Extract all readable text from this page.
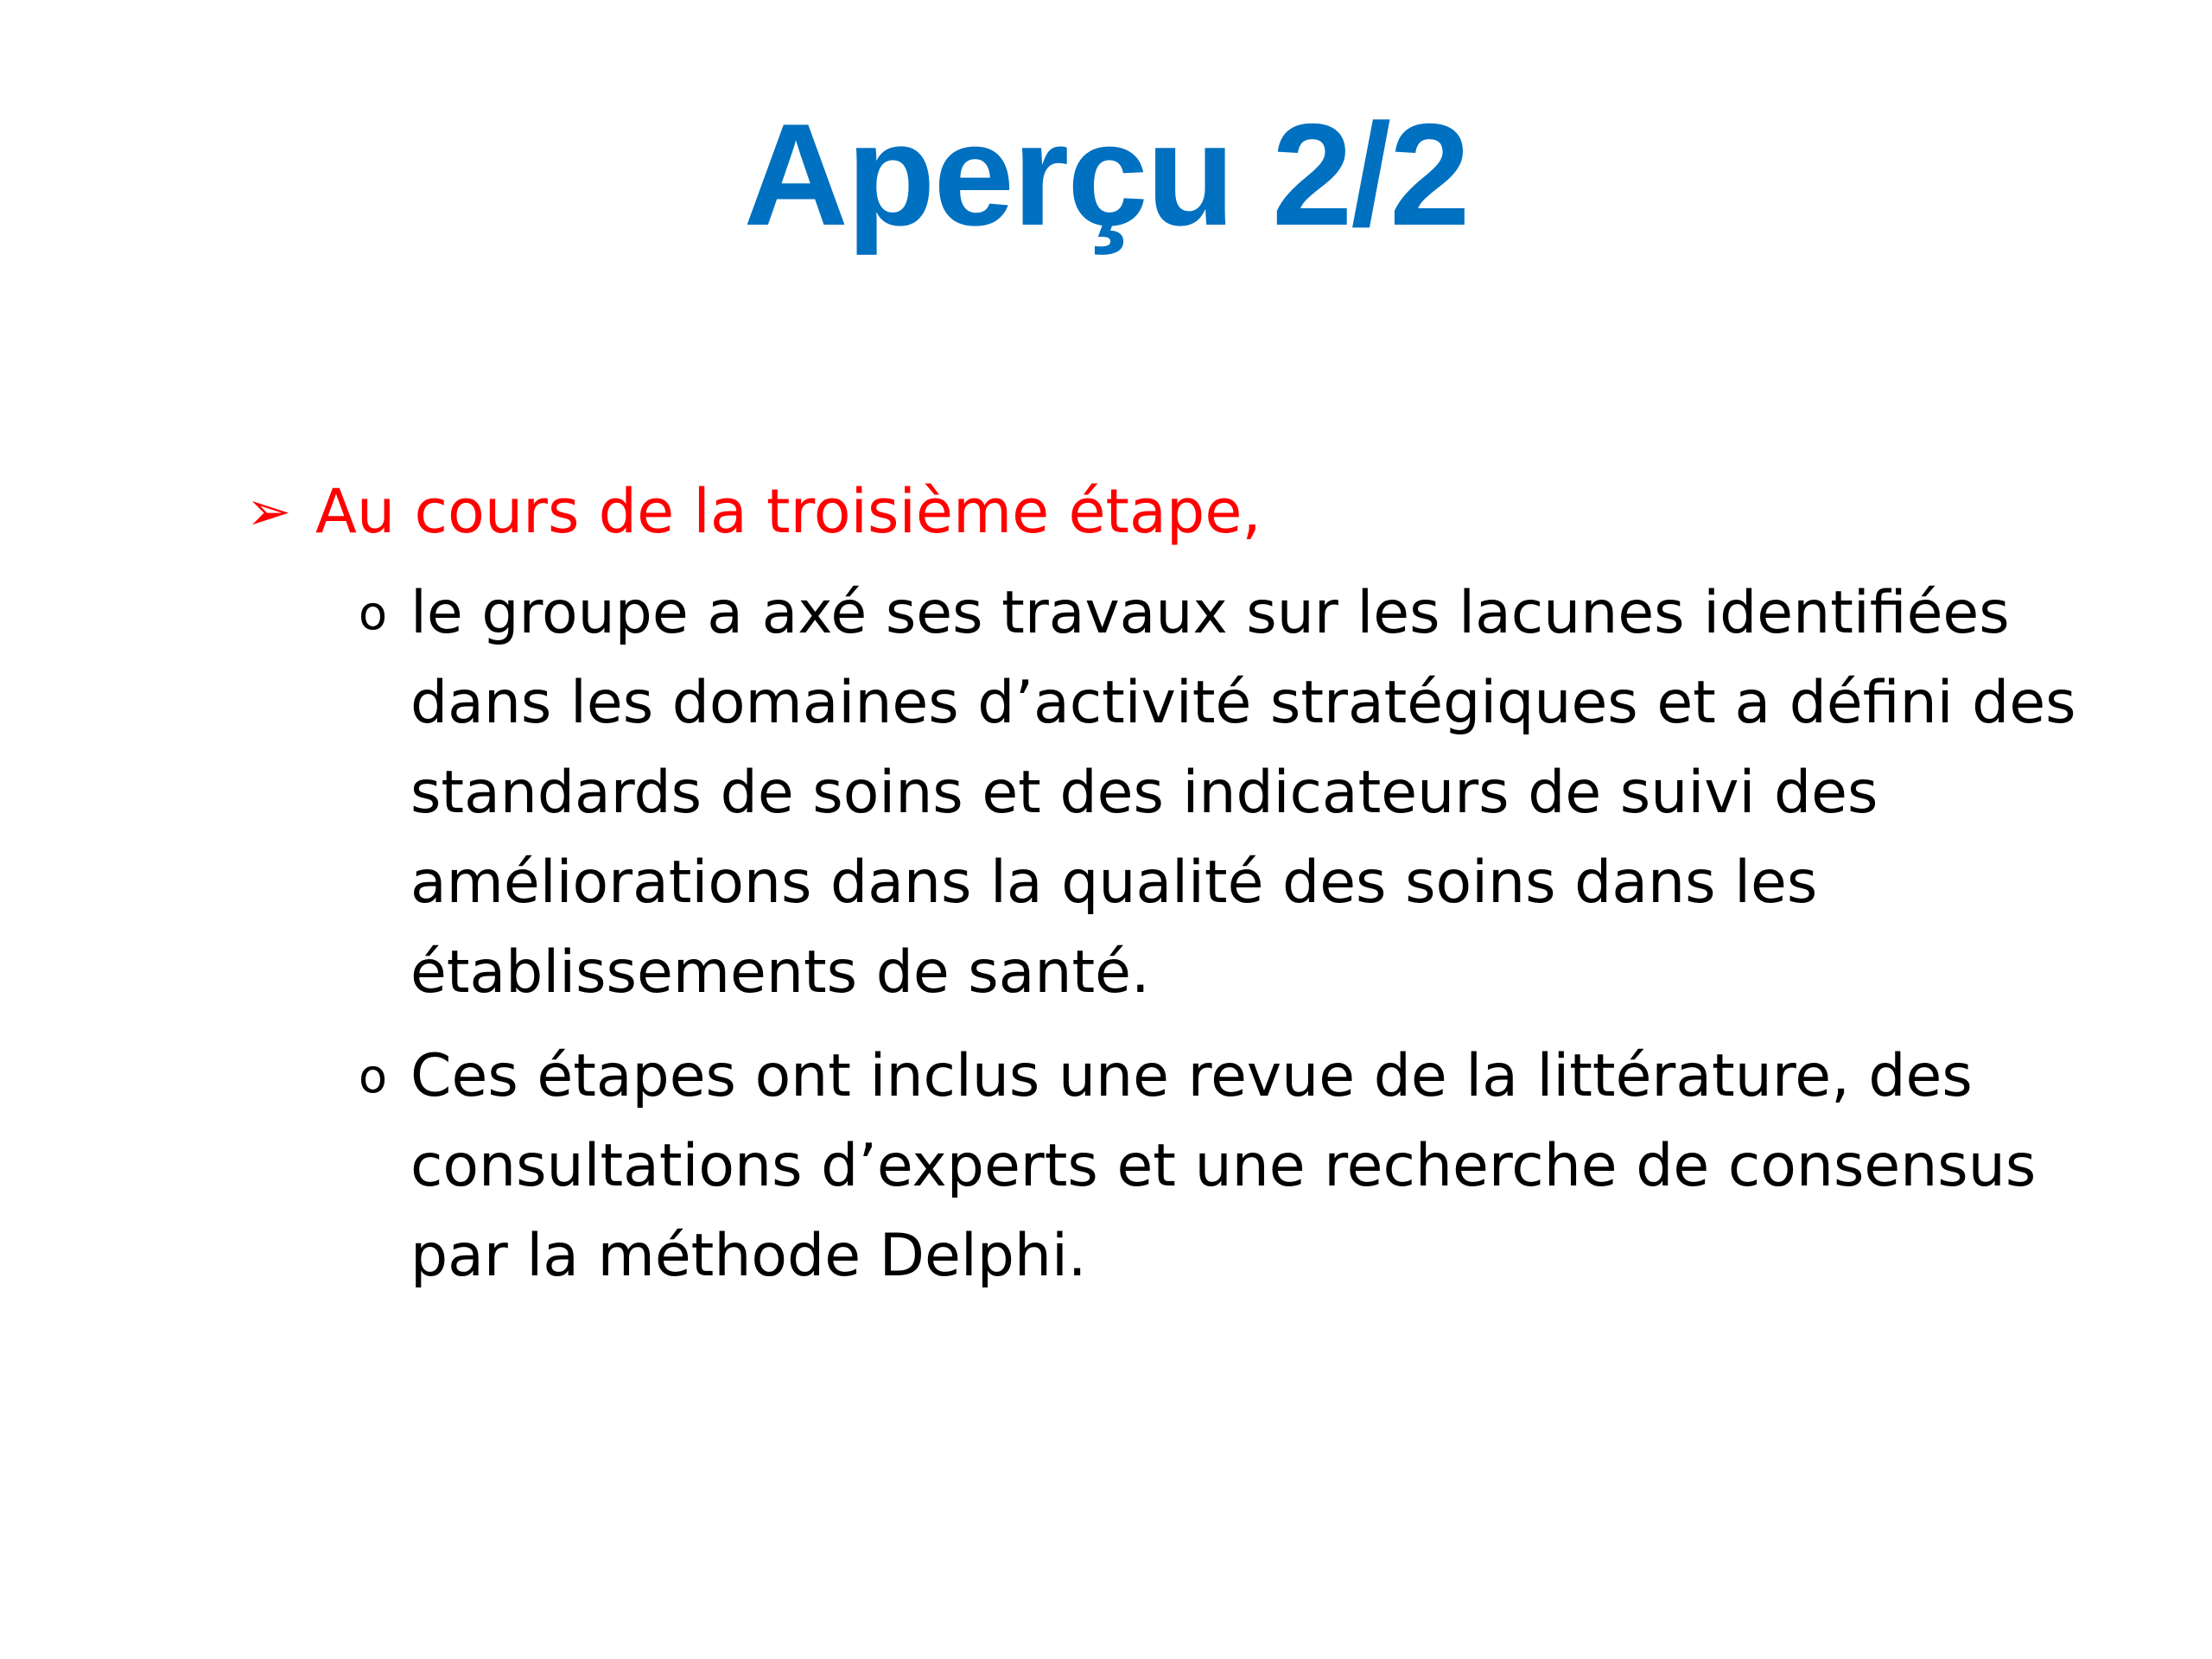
Aperçu 2/2
➢ Au cours de la troisième étape,
o le groupe a axé ses travaux sur les lacunes identifiées dans les domaines d’activité stratégiques et a défini des standards de soins et des indicateurs de suivi des améliorations dans la qualité des soins dans les établissements de santé.
o Ces étapes ont inclus une revue de la littérature, des consultations d’experts et une recherche de consensus par la méthode Delphi.
